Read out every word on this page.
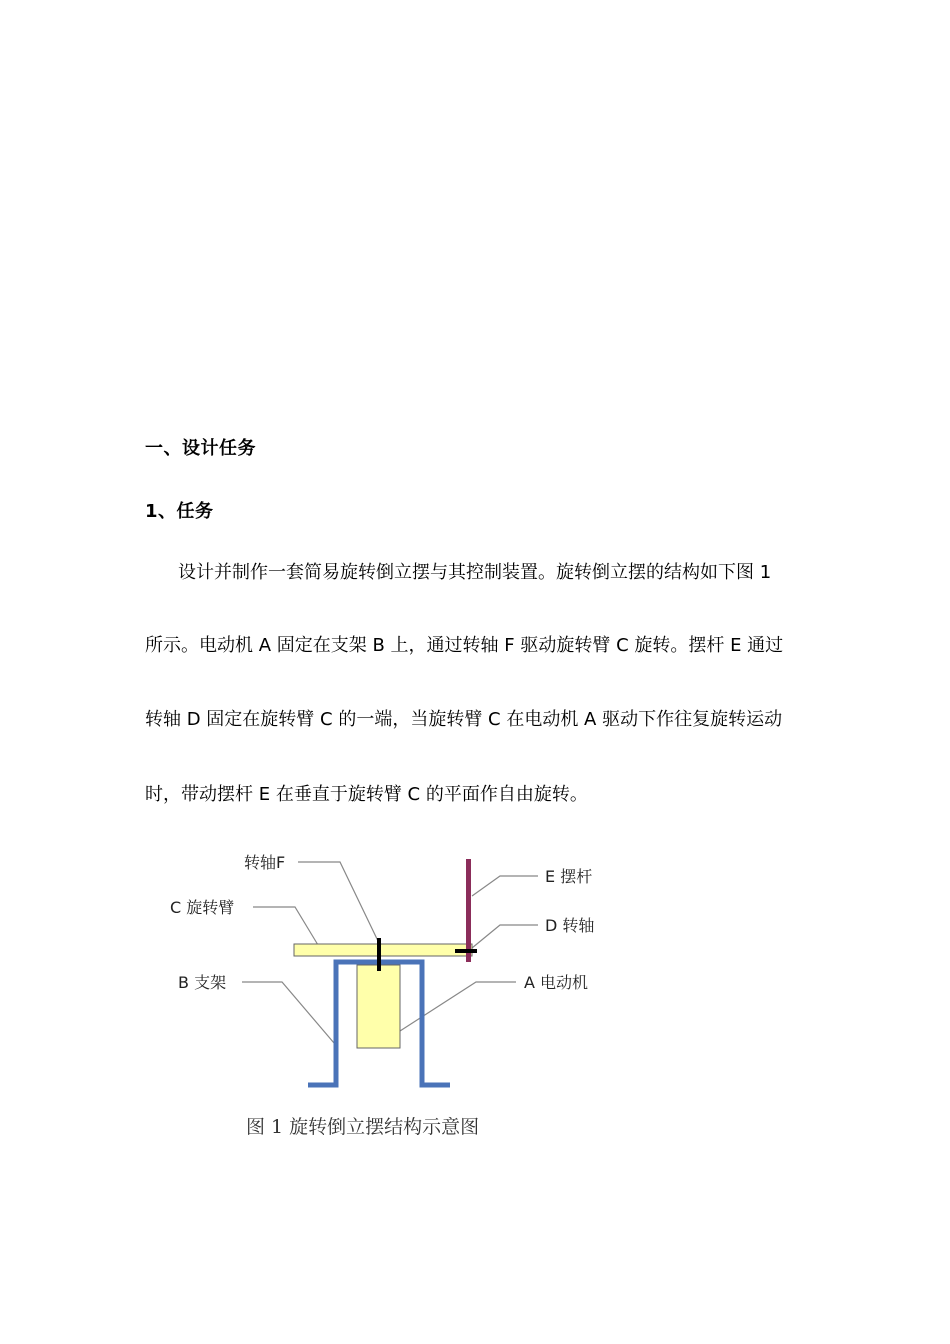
一、设计任务
1、任务
设计并制作一套简易旋转倒立摆与其控制装置。旋转倒立摆的结构如下图 1
所示。电动机 A 固定在支架 B 上，通过转轴 F 驱动旋转臂 C 旋转。摆杆 E 通过
转轴 D 固定在旋转臂 C 的一端，当旋转臂 C 在电动机 A 驱动下作往复旋转运动
时，带动摆杆 E 在垂直于旋转臂 C 的平面作自由旋转。
转轴F
C 旋转臂
B 支架
E 摆杆
D 转轴
A 电动机
图 1 旋转倒立摆结构示意图
